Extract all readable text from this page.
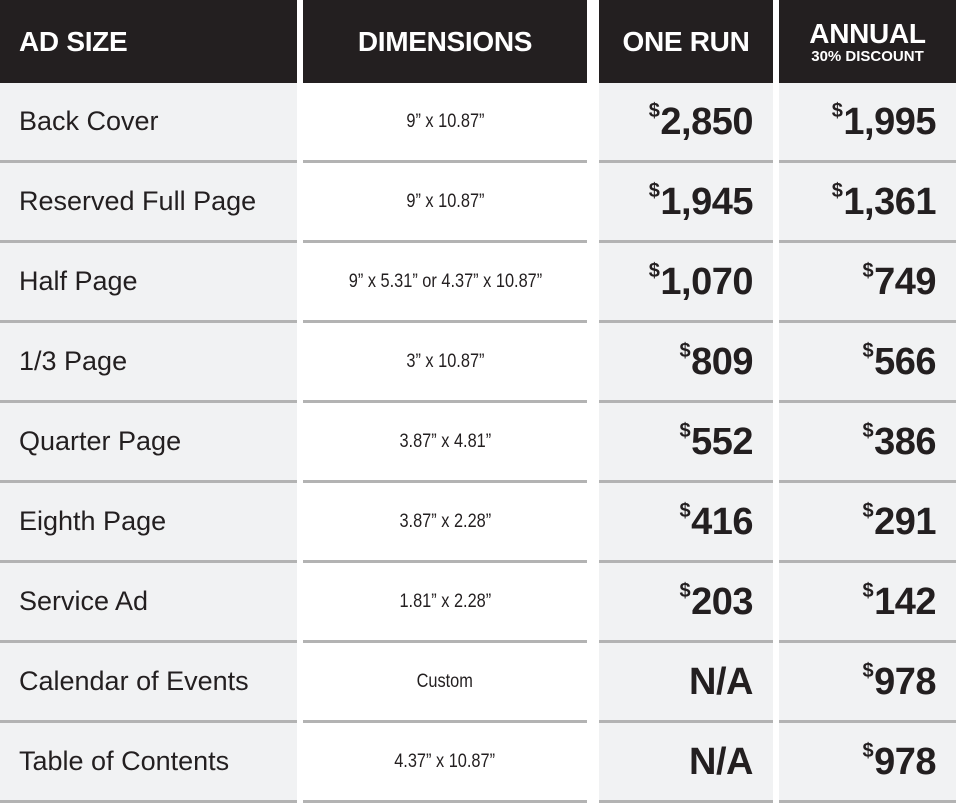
AD SIZE
Back Cover
Reserved Full Page
Half Page
1/3 Page
Quarter Page
Eighth Page
Service Ad
Calendar of Events
Table of Contents
DIMENSIONS
9” x 10.87”
9” x 10.87”
9” x 5.31” or 4.37” x 10.87”
3” x 10.87”
3.87” x 4.81”
3.87” x 2.28”
1.81” x 2.28”
Custom
4.37” x 10.87”
ONE RUN
$2,850
$1,945
$1,070
$809
$552
$416
$203
N/A
N/A
ANNUAL
30% DISCOUNT
$1,995
$1,361
$749
$566
$386
$291
$142
$978
$978
